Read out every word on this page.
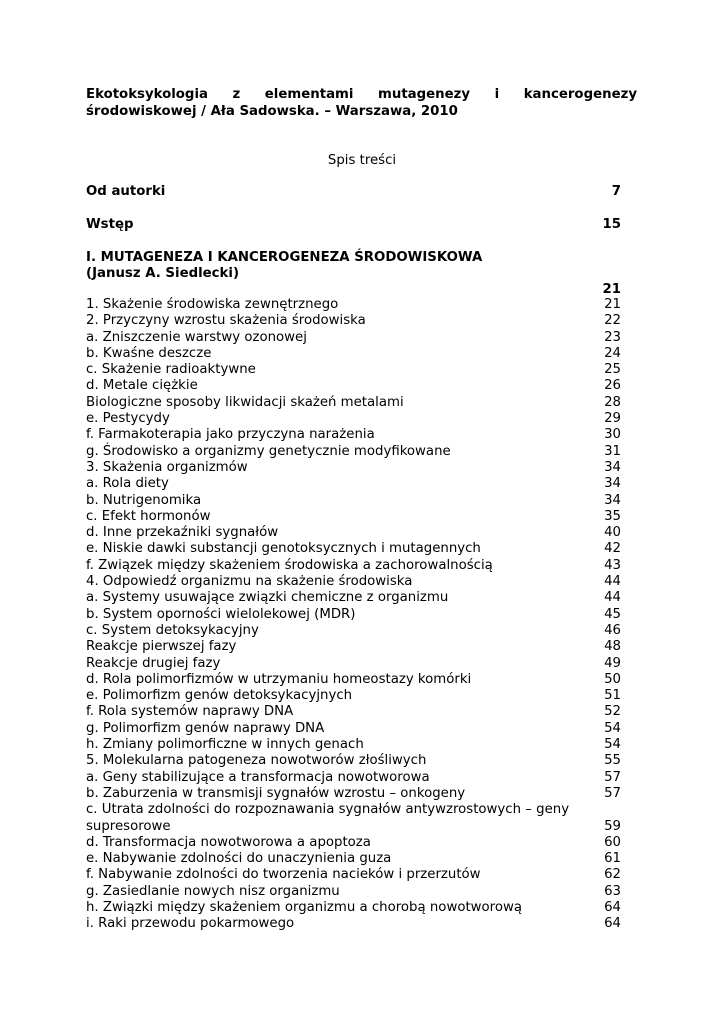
Ekotoksykologia z elementami mutagenezy i kancerogenezy
środowiskowej / Ała Sadowska. – Warszawa, 2010
Spis treści
Od autorki	7
Wstęp	15
I. MUTAGENEZA I KANCEROGENEZA ŚRODOWISKOWA
(Janusz A. Siedlecki)
21
1. Skażenie środowiska zewnętrznego	21
2. Przyczyny wzrostu skażenia środowiska	22
a. Zniszczenie warstwy ozonowej	23
b. Kwaśne deszcze	24
c. Skażenie radioaktywne	25
d. Metale ciężkie	26
Biologiczne sposoby likwidacji skażeń metalami	28
e. Pestycydy	29
f. Farmakoterapia jako przyczyna narażenia	30
g. Środowisko a organizmy genetycznie modyfikowane	31
3. Skażenia organizmów	34
a. Rola diety	34
b. Nutrigenomika	34
c. Efekt hormonów	35
d. Inne przekaźniki sygnałów	40
e. Niskie dawki substancji genotoksycznych i mutagennych	42
f. Związek między skażeniem środowiska a zachorowalnością	43
4. Odpowiedź organizmu na skażenie środowiska	44
a. Systemy usuwające związki chemiczne z organizmu	44
b. System oporności wielolekowej (MDR)	45
c. System detoksykacyjny	46
Reakcje pierwszej fazy	48
Reakcje drugiej fazy	49
d. Rola polimorfizmów w utrzymaniu homeostazy komórki	50
e. Polimorfizm genów detoksykacyjnych	51
f. Rola systemów naprawy DNA	52
g. Polimorfizm genów naprawy DNA	54
h. Zmiany polimorficzne w innych genach	54
5. Molekularna patogeneza nowotworów złośliwych	55
a. Geny stabilizujące a transformacja nowotworowa	57
b. Zaburzenia w transmisji sygnałów wzrostu – onkogeny	57
c. Utrata zdolności do rozpoznawania sygnałów antywzrostowych – geny supresorowe	59
d. Transformacja nowotworowa a apoptoza	60
e. Nabywanie zdolności do unaczynienia guza	61
f. Nabywanie zdolności do tworzenia nacieków i przerzutów	62
g. Zasiedlanie nowych nisz organizmu	63
h. Związki między skażeniem organizmu a chorobą nowotworową	64
i. Raki przewodu pokarmowego	64
